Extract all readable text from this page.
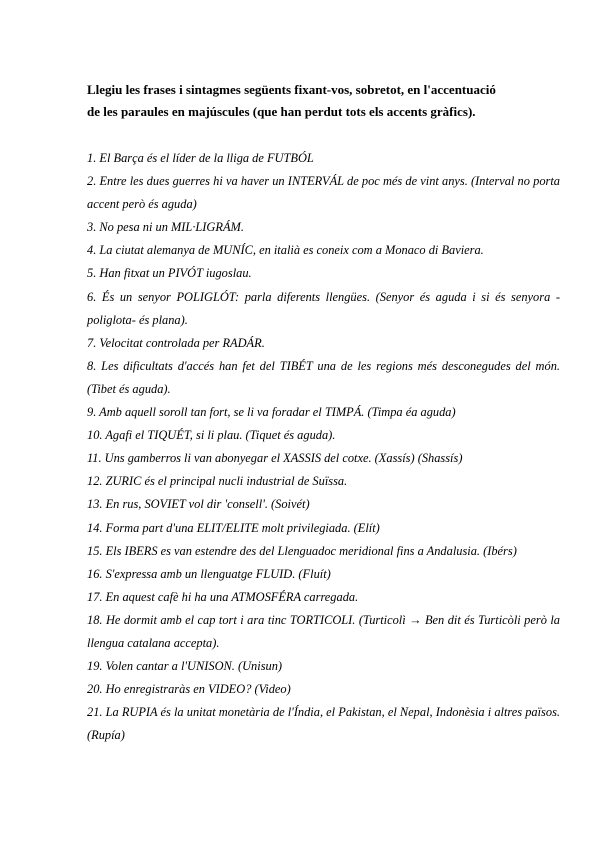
Llegiu les frases i sintagmes següents fixant-vos, sobretot, en l'accentuació
de les paraules en majúscules (que han perdut tots els accents gràfics).

1. El Barça és el líder de la lliga de FUTBÓL
2. Entre les dues guerres hi va haver un INTERVÁL de poc més de vint anys. (Interval no porta accent però és aguda)
3. No pesa ni un MIL·LIGRÁM.
4. La ciutat alemanya de MUNÍC, en italià es coneix com a Monaco di Baviera.
5. Han fitxat un PIVÓT iugoslau.
6. És un senyor POLIGLÓT: parla diferents llengües. (Senyor és aguda i si és senyora -poliglota- és plana).
7. Velocitat controlada per RADÁR.
8. Les dificultats d'accés han fet del TIBÉT una de les regions més desconegudes del món. (Tibet és aguda).
9. Amb aquell soroll tan fort, se li va foradar el TIMPÁ. (Timpa éa aguda)
10. Agafi el TIQUÉT, si li plau. (Tiquet és aguda).
11. Uns gamberros li van abonyegar el XASSIS del cotxe. (Xassís) (Shassís)
12. ZURIC és el principal nucli industrial de Suïssa.
13. En rus, SOVIET vol dir 'consell'. (Soivét)
14. Forma part d'una ELIT/ELITE molt privilegiada. (Elít)
15. Els IBERS es van estendre des del Llenguadoc meridional fins a Andalusia. (Ibérs)
16. S'expressa amb un llenguatge FLUID. (Fluít)
17. En aquest cafè hi ha una ATMOSFÉRA carregada.
18. He dormit amb el cap tort i ara tinc TORTICOLI. (Turticolì → Ben dit és Turticòli però la llengua catalana accepta).
19. Volen cantar a l'UNISON. (Unisun)
20. Ho enregistraràs en VIDEO? (Video)
21. La RUPIA és la unitat monetària de l'Índia, el Pakistan, el Nepal, Indonèsia i altres països. (Rupía)
